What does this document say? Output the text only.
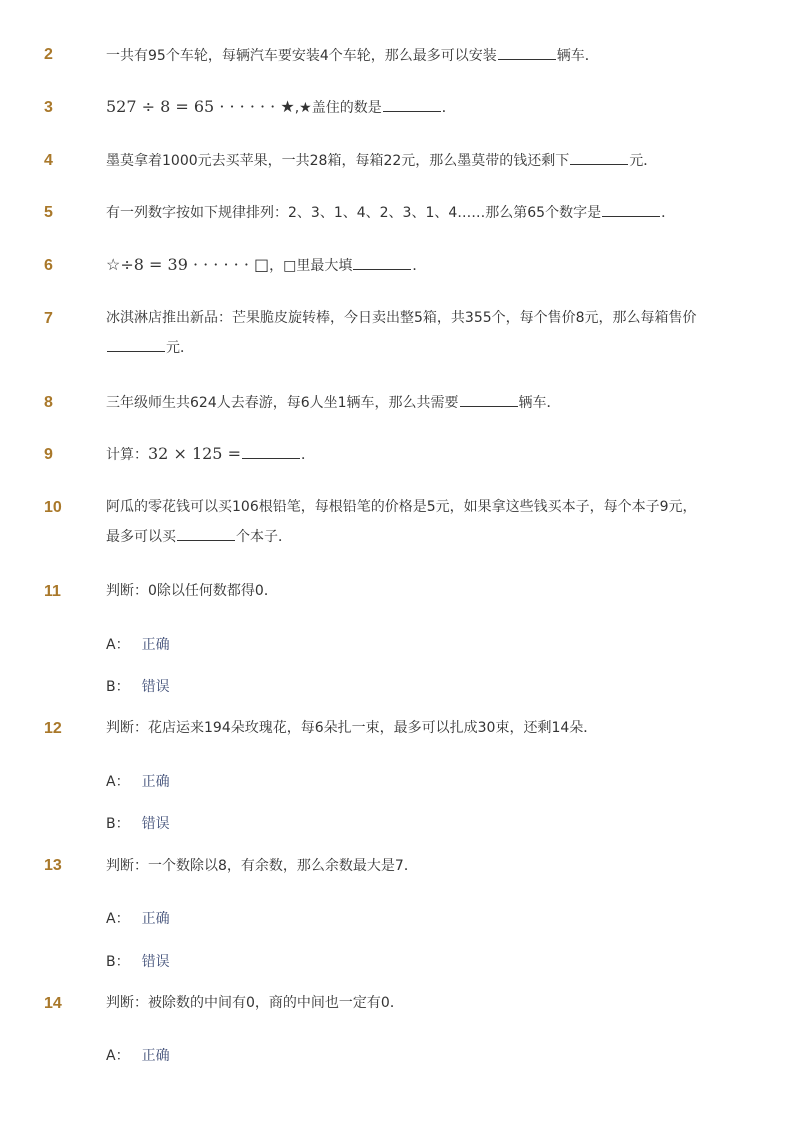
2	一共有95个车轮，每辆汽车要安装4个车轮，那么最多可以安装	辆车．
3	527 ÷ 8 = 65 · · · · · · ★,★盖住的数是	．
4	墨莫拿着1000元去买苹果，一共28箱，每箱22元，那么墨莫带的钱还剩下	元．
5	有一列数字按如下规律排列：2、3、1、4、2、3、1、4……那么第65个数字是	．
6	☆÷8 = 39 · · · · · · □，□里最大填	．
7	冰淇淋店推出新品：芒果脆皮旋转棒，今日卖出整5箱，共355个，每个售价8元，那么每箱售价
元．
8	三年级师生共624人去春游，每6人坐1辆车，那么共需要	辆车．
9	计算：32 × 125 =	．
10	阿瓜的零花钱可以买106根铅笔，每根铅笔的价格是5元，如果拿这些钱买本子，每个本子9元，
最多可以买	个本子．
11	判断：0除以任何数都得0．
A： 正确
B： 错误
12	判断：花店运来194朵玫瑰花，每6朵扎一束，最多可以扎成30束，还剩14朵．
A： 正确
B： 错误
13	判断：一个数除以8，有余数，那么余数最大是7．
A： 正确
B： 错误
14	判断：被除数的中间有0，商的中间也一定有0．
A： 正确
